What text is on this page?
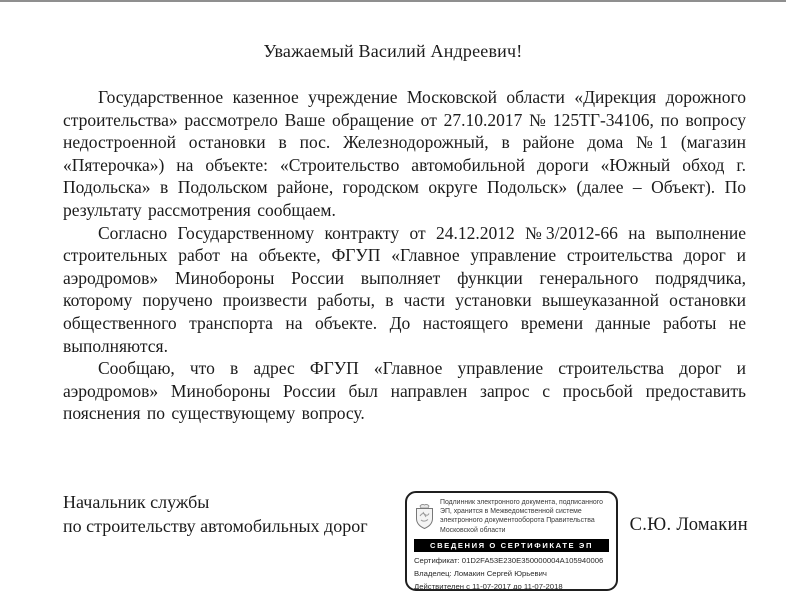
Уважаемый Василий Андреевич!

Государственное казенное учреждение Московской области «Дирекция дорожного строительства» рассмотрело Ваше обращение от 27.10.2017 № 125ТГ-34106, по вопросу недостроенной остановки в пос. Железнодорожный, в районе дома №1 (магазин «Пятерочка») на объекте: «Строительство автомобильной дороги «Южный обход г. Подольска» в Подольском районе, городском округе Подольск» (далее – Объект). По результату рассмотрения сообщаем.

Согласно Государственному контракту от 24.12.2012 №3/2012-66 на выполнение строительных работ на объекте, ФГУП «Главное управление строительства дорог и аэродромов» Минобороны России выполняет функции генерального подрядчика, которому поручено произвести работы, в части установки вышеуказанной остановки общественного транспорта на объекте. До настоящего времени данные работы не выполняются.

Сообщаю, что в адрес ФГУП «Главное управление строительства дорог и аэродромов» Минобороны России был направлен запрос с просьбой предоставить пояснения по существующему вопросу.

Начальник службы
по строительству автомобильных дорог
Подлинник электронного документа, подписанного ЭП, хранится в Межведомственной системе электронного документооборота Правительства Московской области
СВЕДЕНИЯ О СЕРТИФИКАТЕ ЭП
Сертификат: 01D2FA53E230E350000004A105940006
Владелец: Ломакин Сергей Юрьевич
Действителен с 11-07-2017 до 11-07-2018
С.Ю. Ломакин
